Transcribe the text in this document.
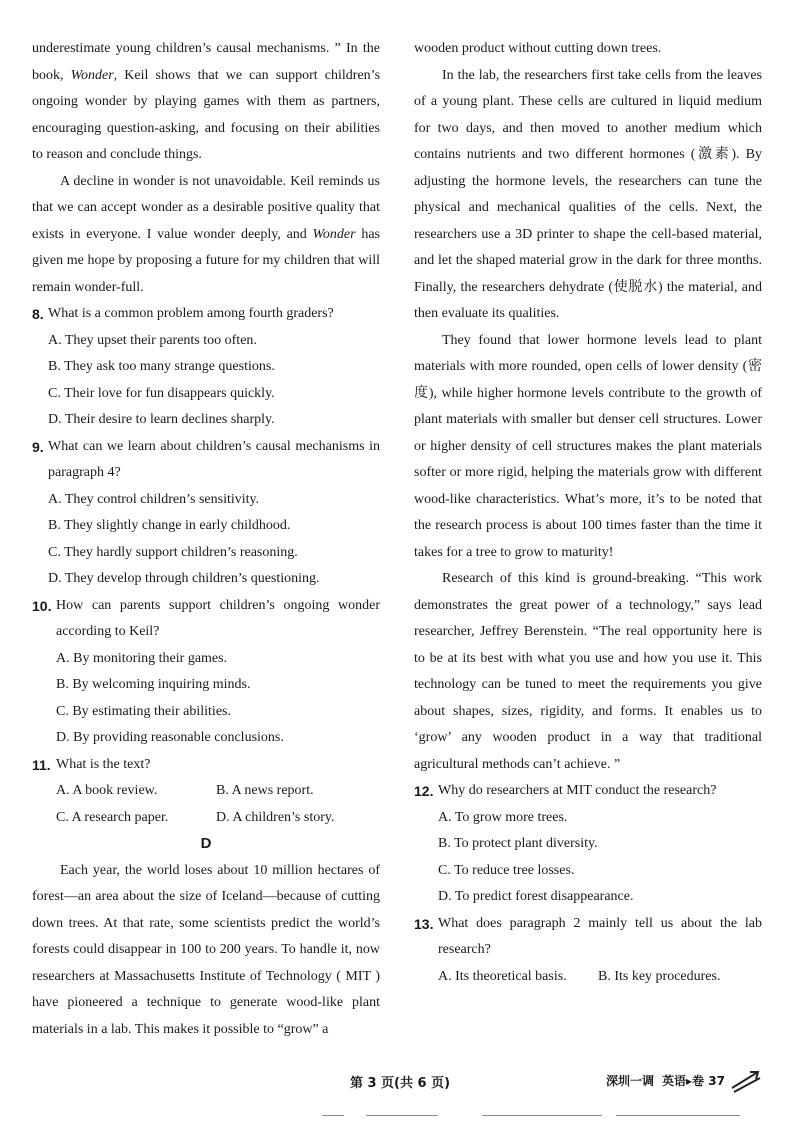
underestimate young children’s causal mechanisms. ” In the book, Wonder, Keil shows that we can support children’s ongoing wonder by playing games with them as partners, encouraging question-asking, and focusing on their abilities to reason and conclude things.

A decline in wonder is not unavoidable. Keil reminds us that we can accept wonder as a desirable positive quality that exists in everyone. I value wonder deeply, and Wonder has given me hope by proposing a future for my children that will remain wonder-full.

8. What is a common problem among fourth graders?

A. They upset their parents too often.

B. They ask too many strange questions.

C. Their love for fun disappears quickly.

D. Their desire to learn declines sharply.

9. What can we learn about children’s causal mechanisms in paragraph 4?

A. They control children’s sensitivity.

B. They slightly change in early childhood.

C. They hardly support children’s reasoning.

D. They develop through children’s questioning.

10. How can parents support children’s ongoing wonder according to Keil?

A. By monitoring their games.

B. By welcoming inquiring minds.

C. By estimating their abilities.

D. By providing reasonable conclusions.

11. What is the text?
A. A book review.	B. A news report.
C. A research paper.	D. A children’s story.

D

Each year, the world loses about 10 million hectares of forest—an area about the size of Iceland—because of cutting down trees. At that rate, some scientists predict the world’s forests could disappear in 100 to 200 years. To handle it, now researchers at Massachusetts Institute of Technology ( MIT ) have pioneered a technique to generate wood-like plant materials in a lab. This makes it possible to “grow” a

wooden product without cutting down trees.

In the lab, the researchers first take cells from the leaves of a young plant. These cells are cultured in liquid medium for two days, and then moved to another medium which contains nutrients and two different hormones (激素). By adjusting the hormone levels, the researchers can tune the physical and mechanical qualities of the cells. Next, the researchers use a 3D printer to shape the cell-based material, and let the shaped material grow in the dark for three months. Finally, the researchers dehydrate (使脱水) the material, and then evaluate its qualities.

They found that lower hormone levels lead to plant materials with more rounded, open cells of lower density (密度), while higher hormone levels contribute to the growth of plant materials with smaller but denser cell structures. Lower or higher density of cell structures makes the plant materials softer or more rigid, helping the materials grow with different wood-like characteristics. What’s more, it’s to be noted that the research process is about 100 times faster than the time it takes for a tree to grow to maturity!

Research of this kind is ground-breaking. “This work demonstrates the great power of a technology,” says lead researcher, Jeffrey Berenstein. “The real opportunity here is to be at its best with what you use and how you use it. This technology can be tuned to meet the requirements you give about shapes, sizes, rigidity, and forms. It enables us to ‘grow’ any wooden product in a way that traditional agricultural methods can’t achieve. ”

12. Why do researchers at MIT conduct the research?

A. To grow more trees.

B. To protect plant diversity.

C. To reduce tree losses.

D. To predict forest disappearance.

13. What does paragraph 2 mainly tell us about the lab research?
A. Its theoretical basis.	B. Its key procedures.
第 3 页(共 6 页)	深圳一调 英语▸卷 37
